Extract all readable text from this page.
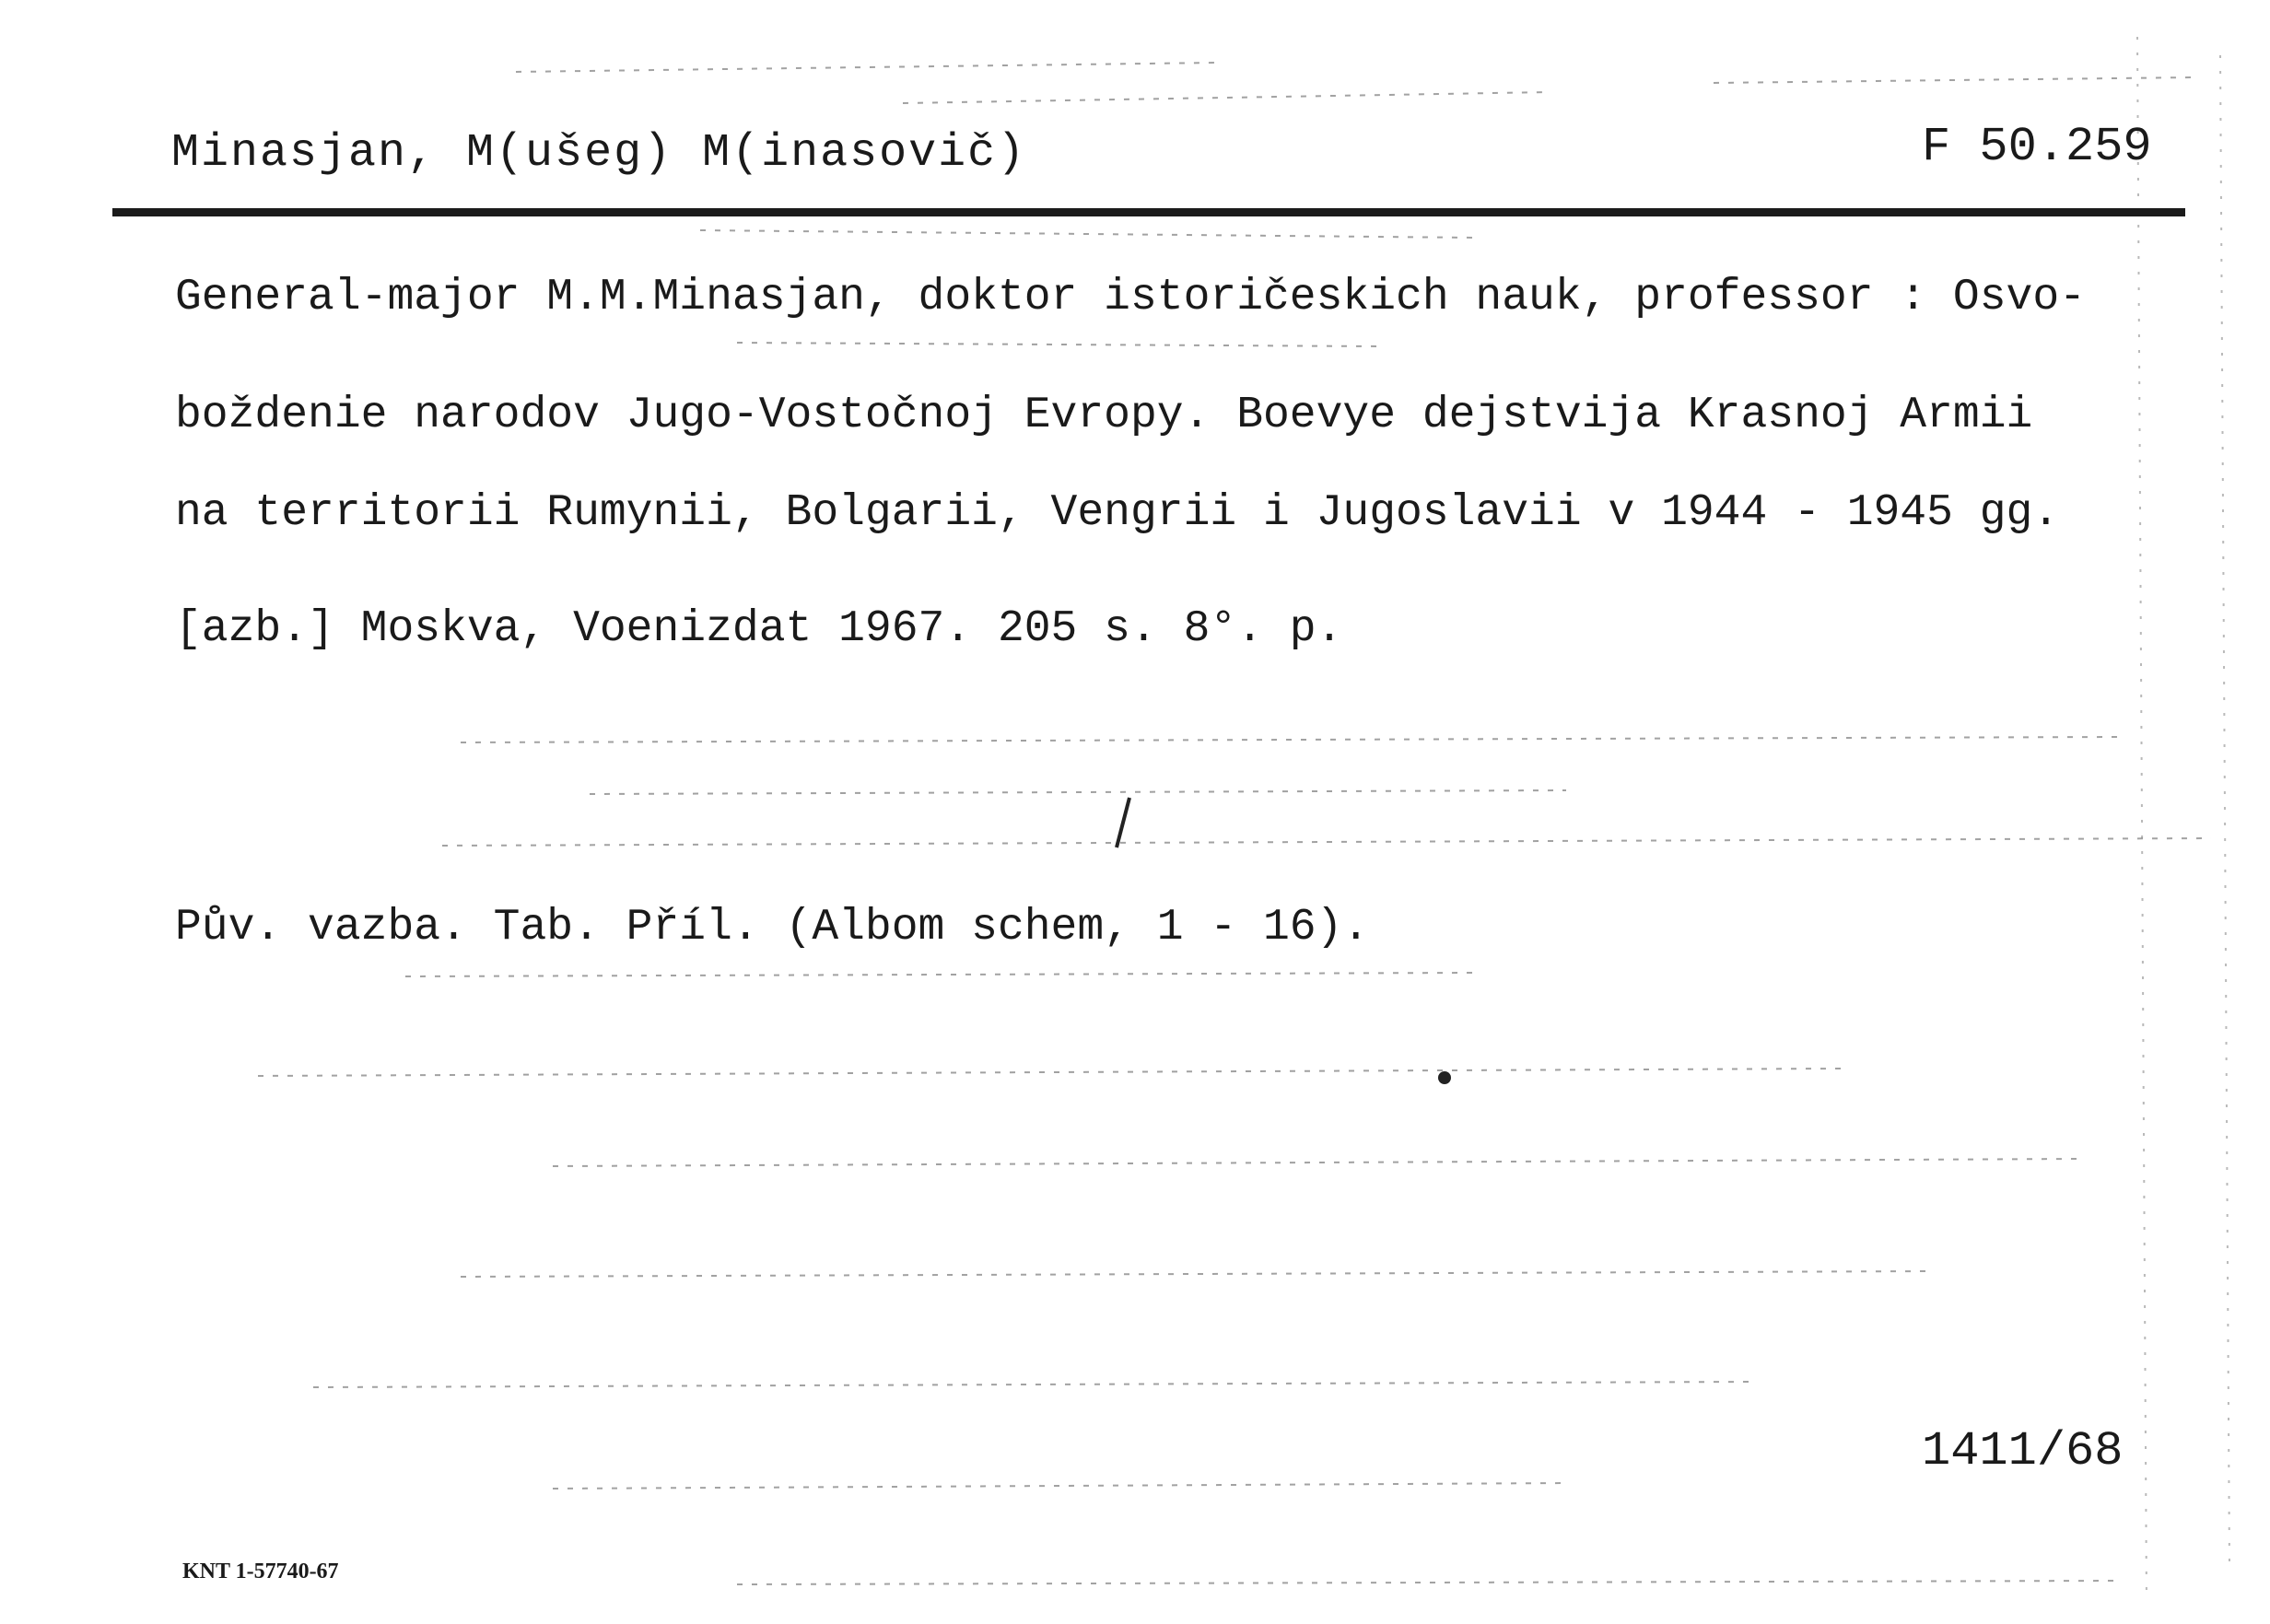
Minasjan, M(ušeg) M(inasovič)	F 50.259
General-major M.M.Minasjan, doktor istoričeskich nauk, professor : Osvo-
boždenie narodov Jugo-Vostočnoj Evropy. Boevye dejstvija Krasnoj Armii
na territorii Rumynii, Bolgarii, Vengrii i Jugoslavii v 1944 - 1945 gg.
[azb.] Moskva, Voenizdat 1967. 205 s. 8°. p.
Pův. vazba. Tab. Příl. (Albom schem, 1 - 16).
1411/68
KNT 1-57740-67
